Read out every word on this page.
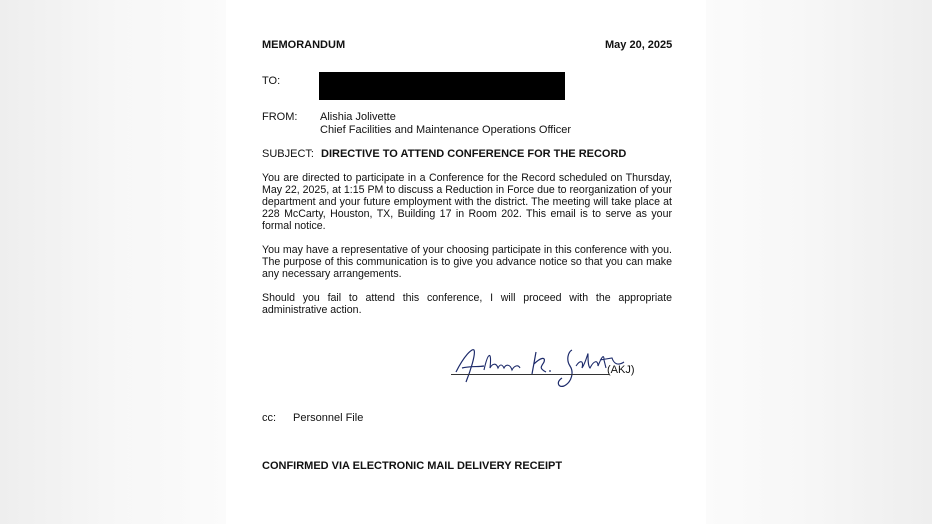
MEMORANDUM	May 20, 2025
TO:
FROM: Alishia Jolivette
Chief Facilities and Maintenance Operations Officer
SUBJECT: DIRECTIVE TO ATTEND CONFERENCE FOR THE RECORD
You are directed to participate in a Conference for the Record scheduled on Thursday, May 22, 2025, at 1:15 PM to discuss a Reduction in Force due to reorganization of your department and your future employment with the district. The meeting will take place at 228 McCarty, Houston, TX, Building 17 in Room 202. This email is to serve as your formal notice.
You may have a representative of your choosing participate in this conference with you. The purpose of this communication is to give you advance notice so that you can make any necessary arrangements.
Should you fail to attend this conference, I will proceed with the appropriate administrative action.
(AKJ)
cc: Personnel File
CONFIRMED VIA ELECTRONIC MAIL DELIVERY RECEIPT
